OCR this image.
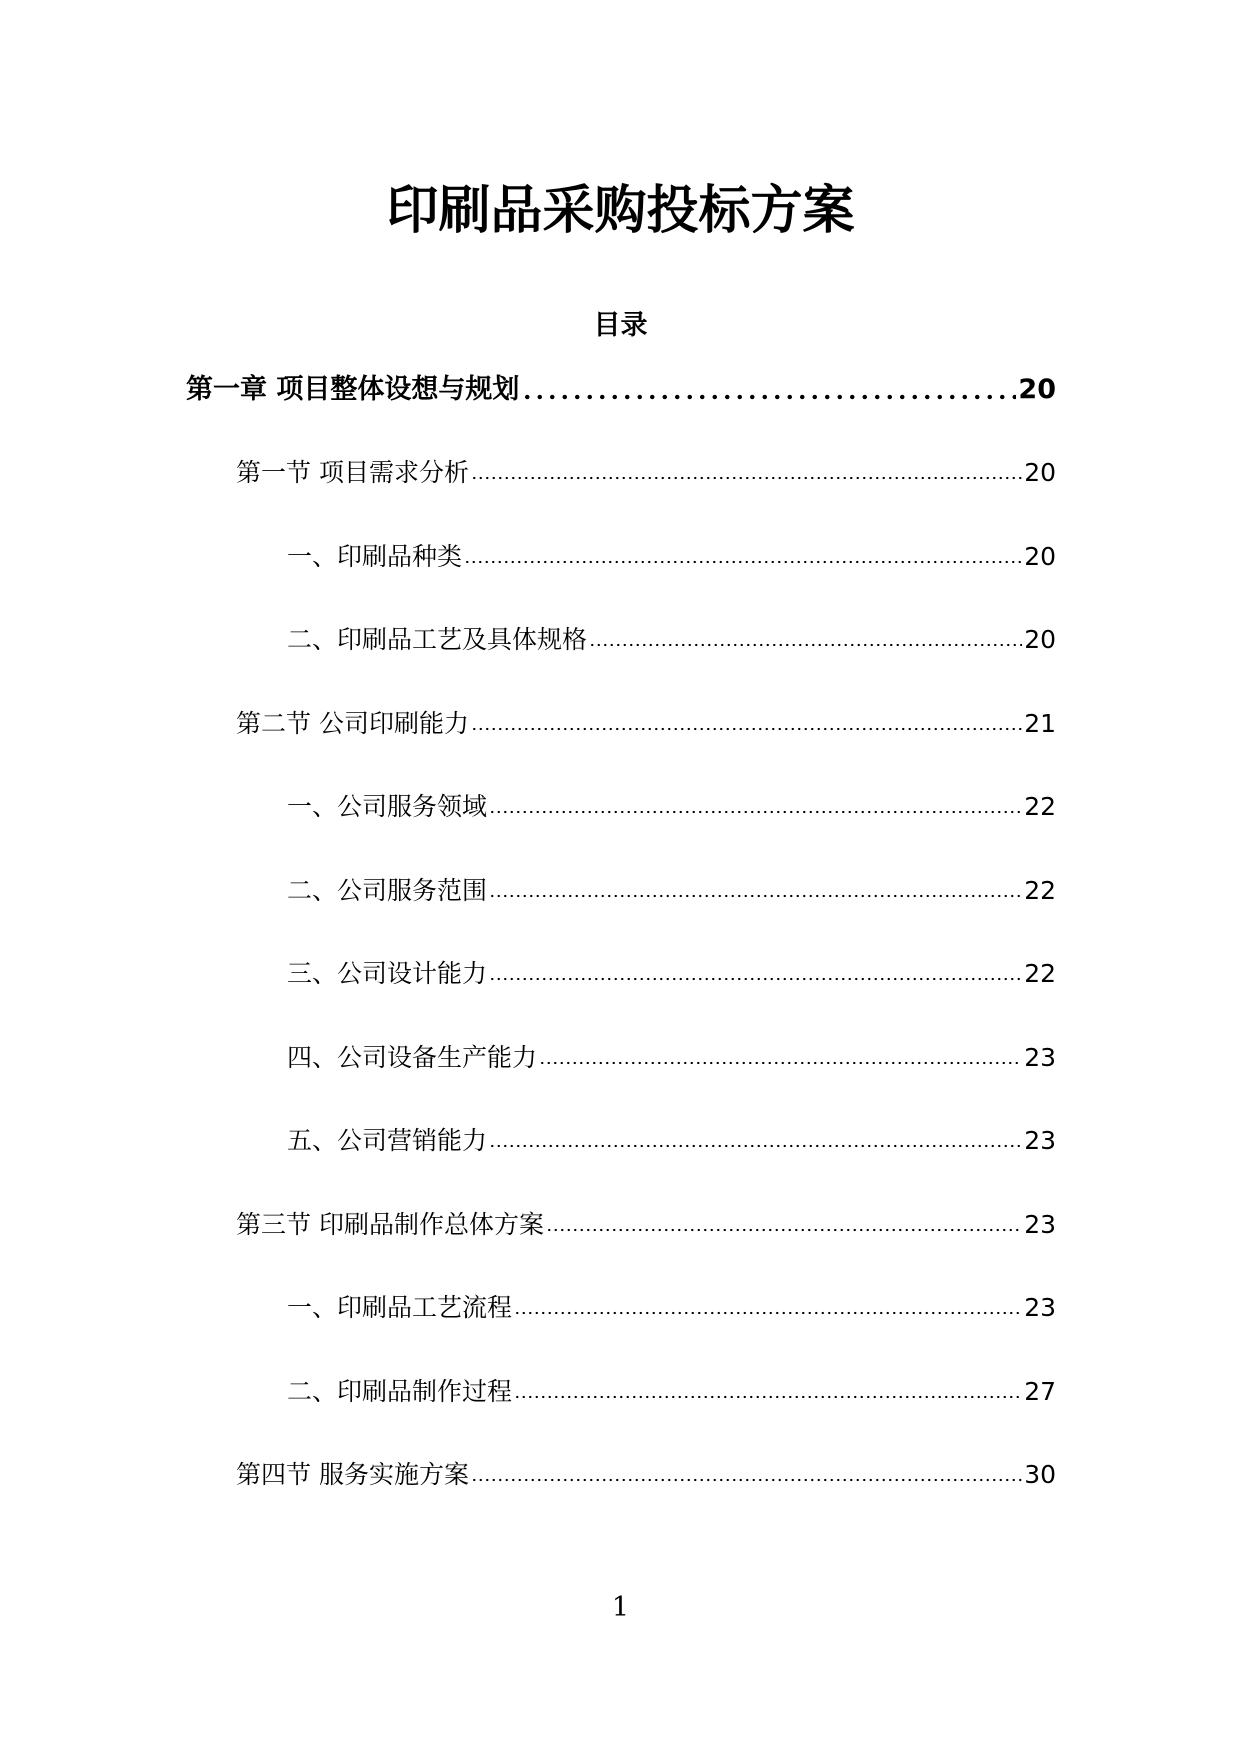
印刷品采购投标方案
目录
第一章 项目整体设想与规划	20
第一节 项目需求分析	20
一、印刷品种类	20
二、印刷品工艺及具体规格	20
第二节 公司印刷能力	21
一、公司服务领域	22
二、公司服务范围	22
三、公司设计能力	22
四、公司设备生产能力	23
五、公司营销能力	23
第三节 印刷品制作总体方案	23
一、印刷品工艺流程	23
二、印刷品制作过程	27
第四节 服务实施方案	30
1
